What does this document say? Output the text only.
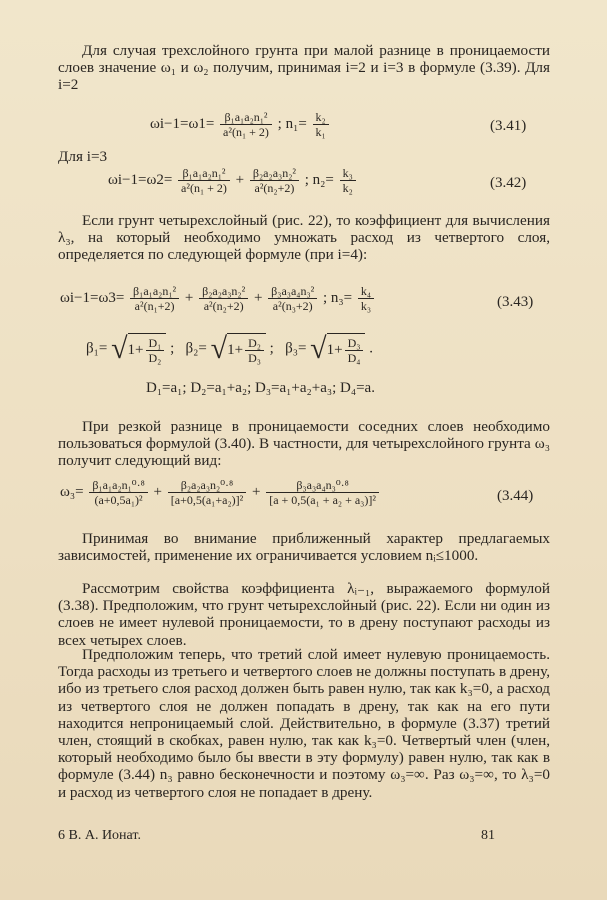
Для случая трехслойного грунта при малой разнице в проницаемости слоев значение ω₁ и ω₂ получим, принимая i=2 и i=3 в формуле (3.39). Для i=2

$\omega i-1=\omega 1= \frac{\text{β₁a₁a₂n₁²}}{\text{a²(n₁ + 2)}}$ ; $n_1= \frac{\text{k₂}}{\text{k₁}}$	(3.41)

Для i=3

$\omega i-1=\omega 2= \frac{\text{β₁a₁a₂n₁²}}{\text{a²(n₁ + 2)}} + \frac{\text{β₂a₂a₃n₂²}}{\text{a²(n₂+2)}}$ ; $n_2= \frac{\text{k₃}}{\text{k₂}}$	(3.42)

Если грунт четырехслойный (рис. 22), то коэффициент для вычисления λ₃, на который необходимо умножать расход из четвертого слоя, определяется по следующей формуле (при i=4):

$\omega i-1=\omega 3= \frac{\text{β₁a₁a₂n₁²}}{\text{a²(n₁+2)}} + \frac{\text{β₂a₂a₃n₂²}}{\text{a²(n₂+2)}} + \frac{\text{β₃a₃a₄n₃²}}{\text{a²(n₃+2)}}$ ; $n_3= \frac{\text{k₄}}{\text{k₃}}$	(3.43)
$\beta_1= √1+ \frac{\text{D₁}}{\text{D₂}}$ ;   $\beta_2= √1+ \frac{\text{D₂}}{\text{D₃}}$ ;   $\beta_3= √1+ \frac{\text{D₃}}{\text{D₄}}$ .
D₁=a₁; D₂=a₁+a₂; D₃=a₁+a₂+a₃; D₄=a.

При резкой разнице в проницаемости соседних слоев необходимо пользоваться формулой (3.40). В частности, для четырехслойного грунта ω₃ получит следующий вид:

$\omega_3= \frac{\text{β₁a₁a₂n₁⁰·⁸}}{\text{(a+0,5a₁)²}} + \frac{\text{β₂a₂a₃n₂⁰·⁸}}{\text{[a+0,5(a₁+a₂)]²}} + \frac{\text{β₃a₃a₄n₃⁰·⁸}}{\text{[a + 0,5(a₁ + a₂ + a₃)]²}}$	(3.44)

Принимая во внимание приближенный характер предлагаемых зависимостей, применение их ограничивается условием nᵢ≤1000.

Рассмотрим свойства коэффициента λᵢ₋₁, выражаемого формулой (3.38). Предположим, что грунт четырехслойный (рис. 22). Если ни один из слоев не имеет нулевой проницаемости, то в дрену поступают расходы из всех четырех слоев.

Предположим теперь, что третий слой имеет нулевую проницаемость. Тогда расходы из третьего и четвертого слоев не должны поступать в дрену, ибо из третьего слоя расход должен быть равен нулю, так как k₃=0, а расход из четвертого слоя не должен попадать в дрену, так как на его пути находится непроницаемый слой. Действительно, в формуле (3.37) третий член, стоящий в скобках, равен нулю, так как k₃=0. Четвертый член (член, который необходимо было бы ввести в эту формулу) равен нулю, так как в формуле (3.44) n₃ равно бесконечности и поэтому ω₃=∞. Раз ω₃=∞, то λ₃=0 и расход из четвертого слоя не попадает в дрену.

6 В. А. Ионат.	81
